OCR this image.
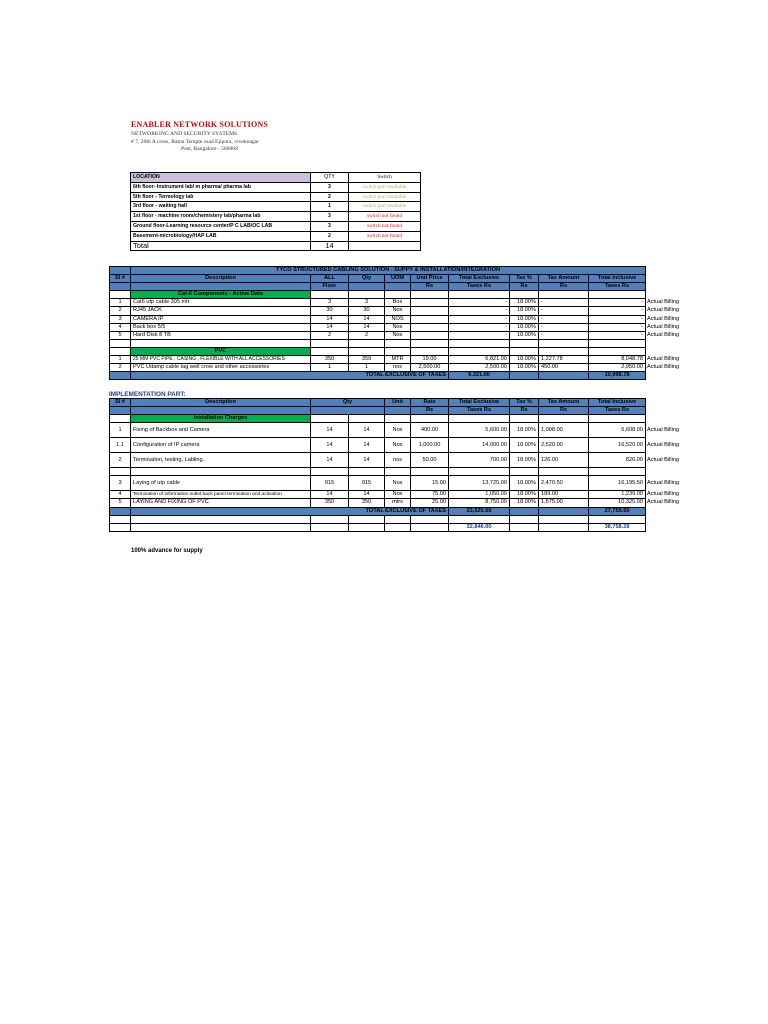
ENABLER NETWORK SOLUTIONS
NETWORKING AND SECURITY SYSTEMS
# 7, 20th A cross, Rama Temple road Ejipura, viveknagar
Post, Bangalore - 560068
LOCATION	QTY	Switch
6th floor- Instrument lab/ m pharma/ pharma lab	3	switch port available
5th floor - Termology lab	2	switch port available
3rd floor - waiting hall	1	switch port available
1st floor - machine room/chemistery lab/pharma lab	3	switch not found
Ground floor-Learning resource center/P C LAB/OC LAB	3	switch not found
Basement-microbiology/HAP LAB	2	switch not found
Total	14	
	TYCO STRUCTURED CABLING SOLUTION - SUPPY & INSTALLATION/INTEGRATION									
Sl #	Description	ALL	Qty	UOM	Unit Price	Total Exclusive	Tax %	Tax Amount	Total Inclusive	
		Floor			Rs	Taxes Rs	Rs	Rs	Taxes Rs	
	Cat-6 Components - Active Data									
1	Cat6 utp cable 305 mtr	3	3	Box		-	18.00%	-	-	Actual Billing
2	RJ45 JACK	30	30	Nos		-	18.00%	-	-	Actual Billing
3	CAMERA IP	14	14	NOS		-	18.00%	-	-	Actual Billing
4	Back box 5/5	14	14	Nos		-	18.00%	-	-	Actual Billing
5	Hard Disk 8 TB	2	2	Nos		-	18.00%	-	-	Actual Billing

	PVC									
1	25 MM PVC PIPE , CASING , FLEXIBLE WITH ALL ACCESSORIES	350	359	MTR	19.00	6,821.00	18.00%	1,227.78	8,048.78	Actual Billing
2	PVC Udamp cable tag well crow and other accessories	1	1	nos	2,500.00	2,500.00	18.00%	450.00	2,950.00	Actual Billing
	TOTAL EXCLUSIVE OF TAXES					9,321.00			10,998.78	
IMPLEMENTATION PART:
Sl #	Description	Qty		Unit	Rate	Total Exclusive	Tax %	Tax Amount	Total Inclusive	
					Rs	Taxes Rs	Rs	Rs	Taxes Rs	
	Installation Charges									
1	Fixing of Backbox and Camera	14	14	Nos	400.00	5,600.00	18.00%	1,008.00	6,608.00	Actual Billing
1.1	Configuration of IP camera	14	14	Nos	1,000.00	14,000.00	18.00%	2,520.00	16,520.00	Actual Billing
2	Termination, testing, Labling.	14	14	nos	50.00	700.00	18.00%	126.00	826.00	Actual Billing

3	Laying of utp cable	915	915	Nos	15.00	13,725.00	18.00%	2,470.50	16,195.50	Actual Billing
4	Termination of information outlet,back panel termination and activation	14	14	Nos	75.00	1,050.00	18.00%	189.00	1,239.00	Actual Billing
5	LAYING AND FIXING OF PVC	350	350	mtrs	25.00	8,750.00	18.00%	1,575.00	10,325.00	Actual Billing
	TOTAL EXCLUSIVE OF TAXES					23,525.00			27,759.50	

						32,846.00			38,758.28	
100% advance for supply
